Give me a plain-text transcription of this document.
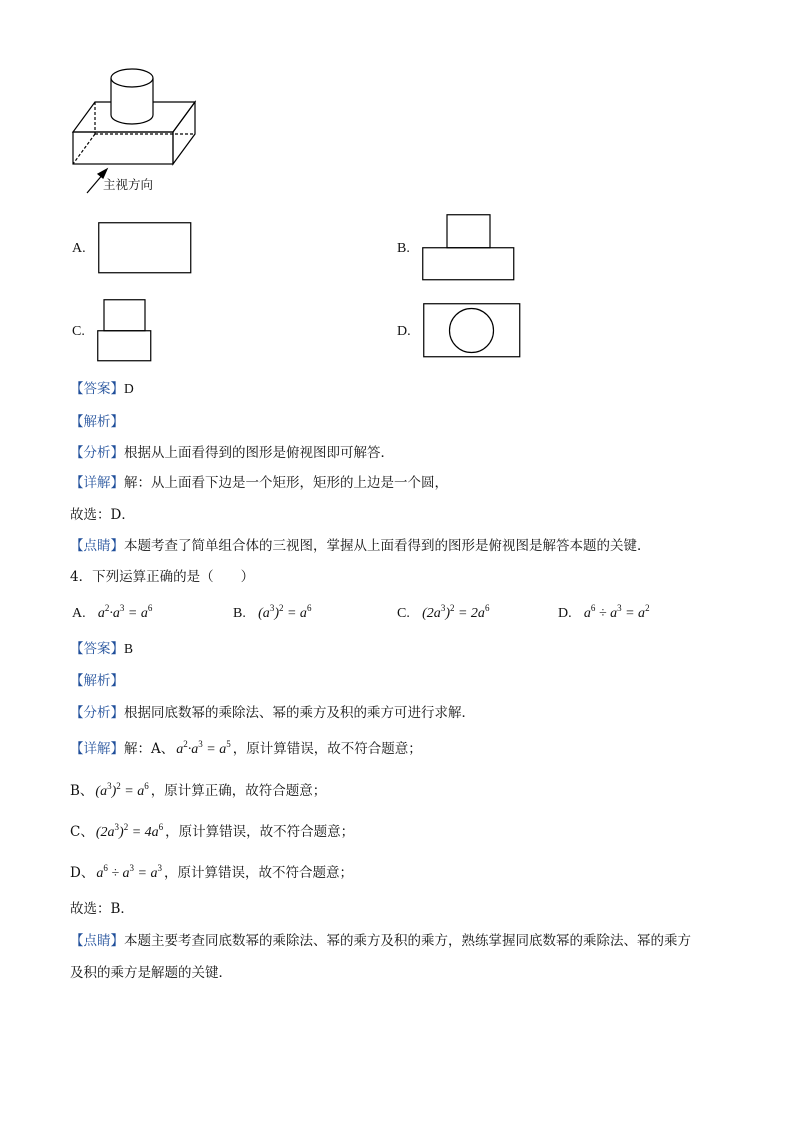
主视方向
A.	B.
C.	D.
【答案】D
【解析】
【分析】根据从上面看得到的图形是俯视图即可解答．
【详解】解：从上面看下边是一个矩形，矩形的上边是一个圆，
故选：D．
【点睛】本题考查了简单组合体的三视图，掌握从上面看得到的图形是俯视图是解答本题的关键．
4．下列运算正确的是（　　）
A. $a^2\cdot a^3 = a^6$	B. $(a^3)^2 = a^6$	C. $(2a^3)^2 = 2a^6$	D. $a^6 \div a^3 = a^2$
【答案】B
【解析】
【分析】根据同底数幂的乘除法、幂的乘方及积的乘方可进行求解．
【详解】解：A、 $a^2\cdot a^3 = a^5$ ，原计算错误，故不符合题意；
B、 $(a^3)^2 = a^6$ ，原计算正确，故符合题意；
C、 $(2a^3)^2 = 4a^6$ ，原计算错误，故不符合题意；
D、 $a^6 \div a^3 = a^3$ ，原计算错误，故不符合题意；
故选：B．
【点睛】本题主要考查同底数幂的乘除法、幂的乘方及积的乘方，熟练掌握同底数幂的乘除法、幂的乘方
及积的乘方是解题的关键．
